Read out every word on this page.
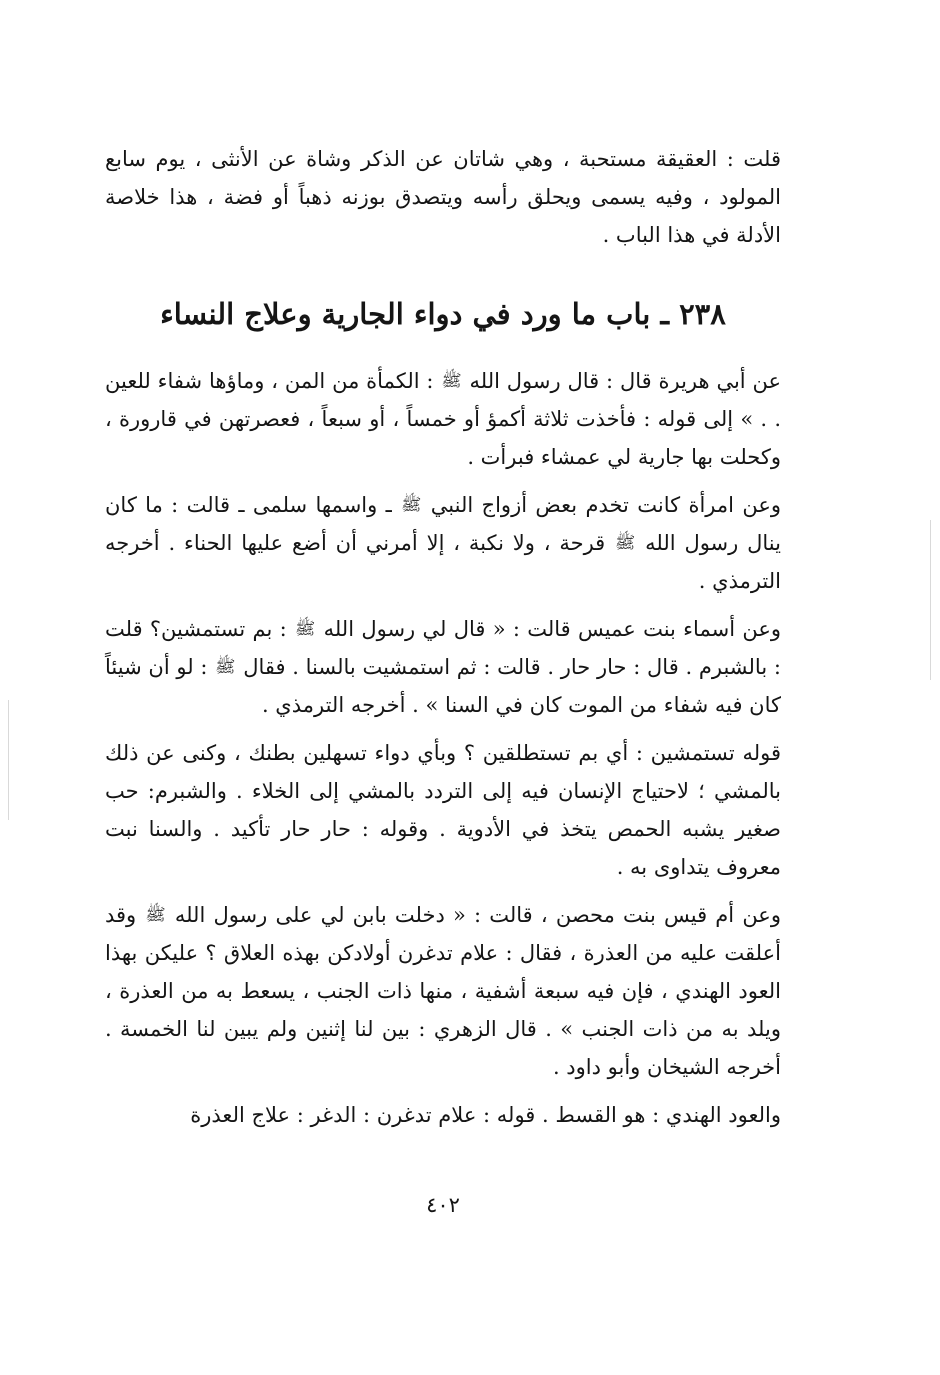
قلت : العقيقة مستحبة ، وهي شاتان عن الذكر وشاة عن الأنثى ، يوم سابع المولود ، وفيه يسمى ويحلق رأسه ويتصدق بوزنه ذهباً أو فضة ، هذا خلاصة الأدلة في هذا الباب .

٢٣٨ ـ باب ما ورد في دواء الجارية وعلاج النساء

عن أبي هريرة قال : قال رسول الله ﷺ : الكمأة من المن ، وماؤها شفاء للعين . . » إلى قوله : فأخذت ثلاثة أكمؤ أو خمساً ، أو سبعاً ، فعصرتهن في قارورة ، وكحلت بها جارية لي عمشاء فبرأت .

وعن امرأة كانت تخدم بعض أزواج النبي ﷺ ـ واسمها سلمى ـ قالت : ما كان ينال رسول الله ﷺ قرحة ، ولا نكبة ، إلا أمرني أن أضع عليها الحناء . أخرجه الترمذي .

وعن أسماء بنت عميس قالت : « قال لي رسول الله ﷺ : بم تستمشين؟ قلت : بالشبرم . قال : حار حار . قالت : ثم استمشيت بالسنا . فقال ﷺ : لو أن شيئاً كان فيه شفاء من الموت كان في السنا » . أخرجه الترمذي .

قوله تستمشين : أي بم تستطلقين ؟ وبأي دواء تسهلين بطنك ، وكنى عن ذلك بالمشي ؛ لاحتياج الإنسان فيه إلى التردد بالمشي إلى الخلاء . والشبرم: حب صغير يشبه الحمص يتخذ في الأدوية . وقوله : حار حار تأكيد . والسنا نبت معروف يتداوى به .

وعن أم قيس بنت محصن ، قالت : « دخلت بابن لي على رسول الله ﷺ وقد أعلقت عليه من العذرة ، فقال : علام تدغرن أولادكن بهذه العلاق ؟ عليكن بهذا العود الهندي ، فإن فيه سبعة أشفية ، منها ذات الجنب ، يسعط به من العذرة ، ويلد به من ذات الجنب » . قال الزهري : بين لنا إثنين ولم يبين لنا الخمسة . أخرجه الشيخان وأبو داود .

والعود الهندي : هو القسط . قوله : علام تدغرن : الدغر : علاج العذرة

٤٠٢
